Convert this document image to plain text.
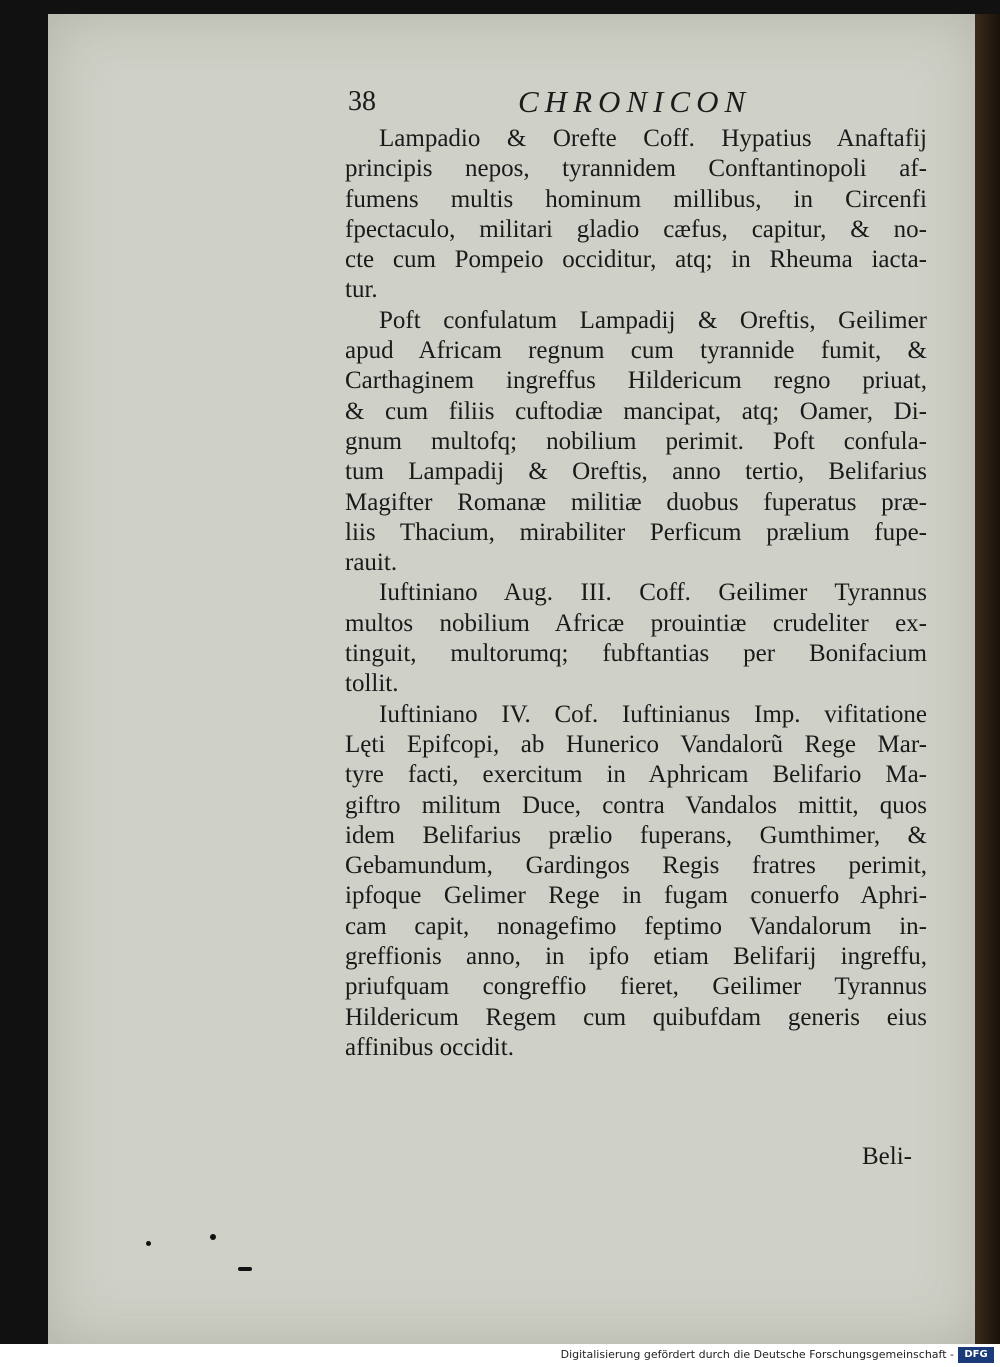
38	CHRONICON
Lampadio & Orefte Coff. Hypatius Anaftafij
principis nepos, tyrannidem Conftantinopoli af-
fumens multis hominum millibus, in Circenfi
fpectaculo, militari gladio cæfus, capitur, & no-
cte cum Pompeio occiditur, atq; in Rheuma iacta-
tur.
Poft confulatum Lampadij & Oreftis, Geilimer
apud Africam regnum cum tyrannide fumit, &
Carthaginem ingreffus Hildericum regno priuat,
& cum filiis cuftodiæ mancipat, atq; Oamer, Di-
gnum multofq; nobilium perimit. Poft confula-
tum Lampadij & Oreftis, anno tertio, Belifarius
Magifter Romanæ militiæ duobus fuperatus præ-
liis Thacium, mirabiliter Perficum prælium fupe-
rauit.
Iuftiniano Aug. III. Coff. Geilimer Tyrannus
multos nobilium Africæ prouintiæ crudeliter ex-
tinguit, multorumq; fubftantias per Bonifacium
tollit.
Iuftiniano IV. Cof. Iuftinianus Imp. vifitatione
Lęti Epifcopi, ab Hunerico Vandalorũ Rege Mar-
tyre facti, exercitum in Aphricam Belifario Ma-
giftro militum Duce, contra Vandalos mittit, quos
idem Belifarius prælio fuperans, Gumthimer, &
Gebamundum, Gardingos Regis fratres perimit,
ipfoque Gelimer Rege in fugam conuerfo Aphri-
cam capit, nonagefimo feptimo Vandalorum in-
greffionis anno, in ipfo etiam Belifarij ingreffu,
priufquam congreffio fieret, Geilimer Tyrannus
Hildericum Regem cum quibufdam generis eius
affinibus occidit.
Beli-
Digitalisierung gefördert durch die Deutsche Forschungsgemeinschaft -	DFG
